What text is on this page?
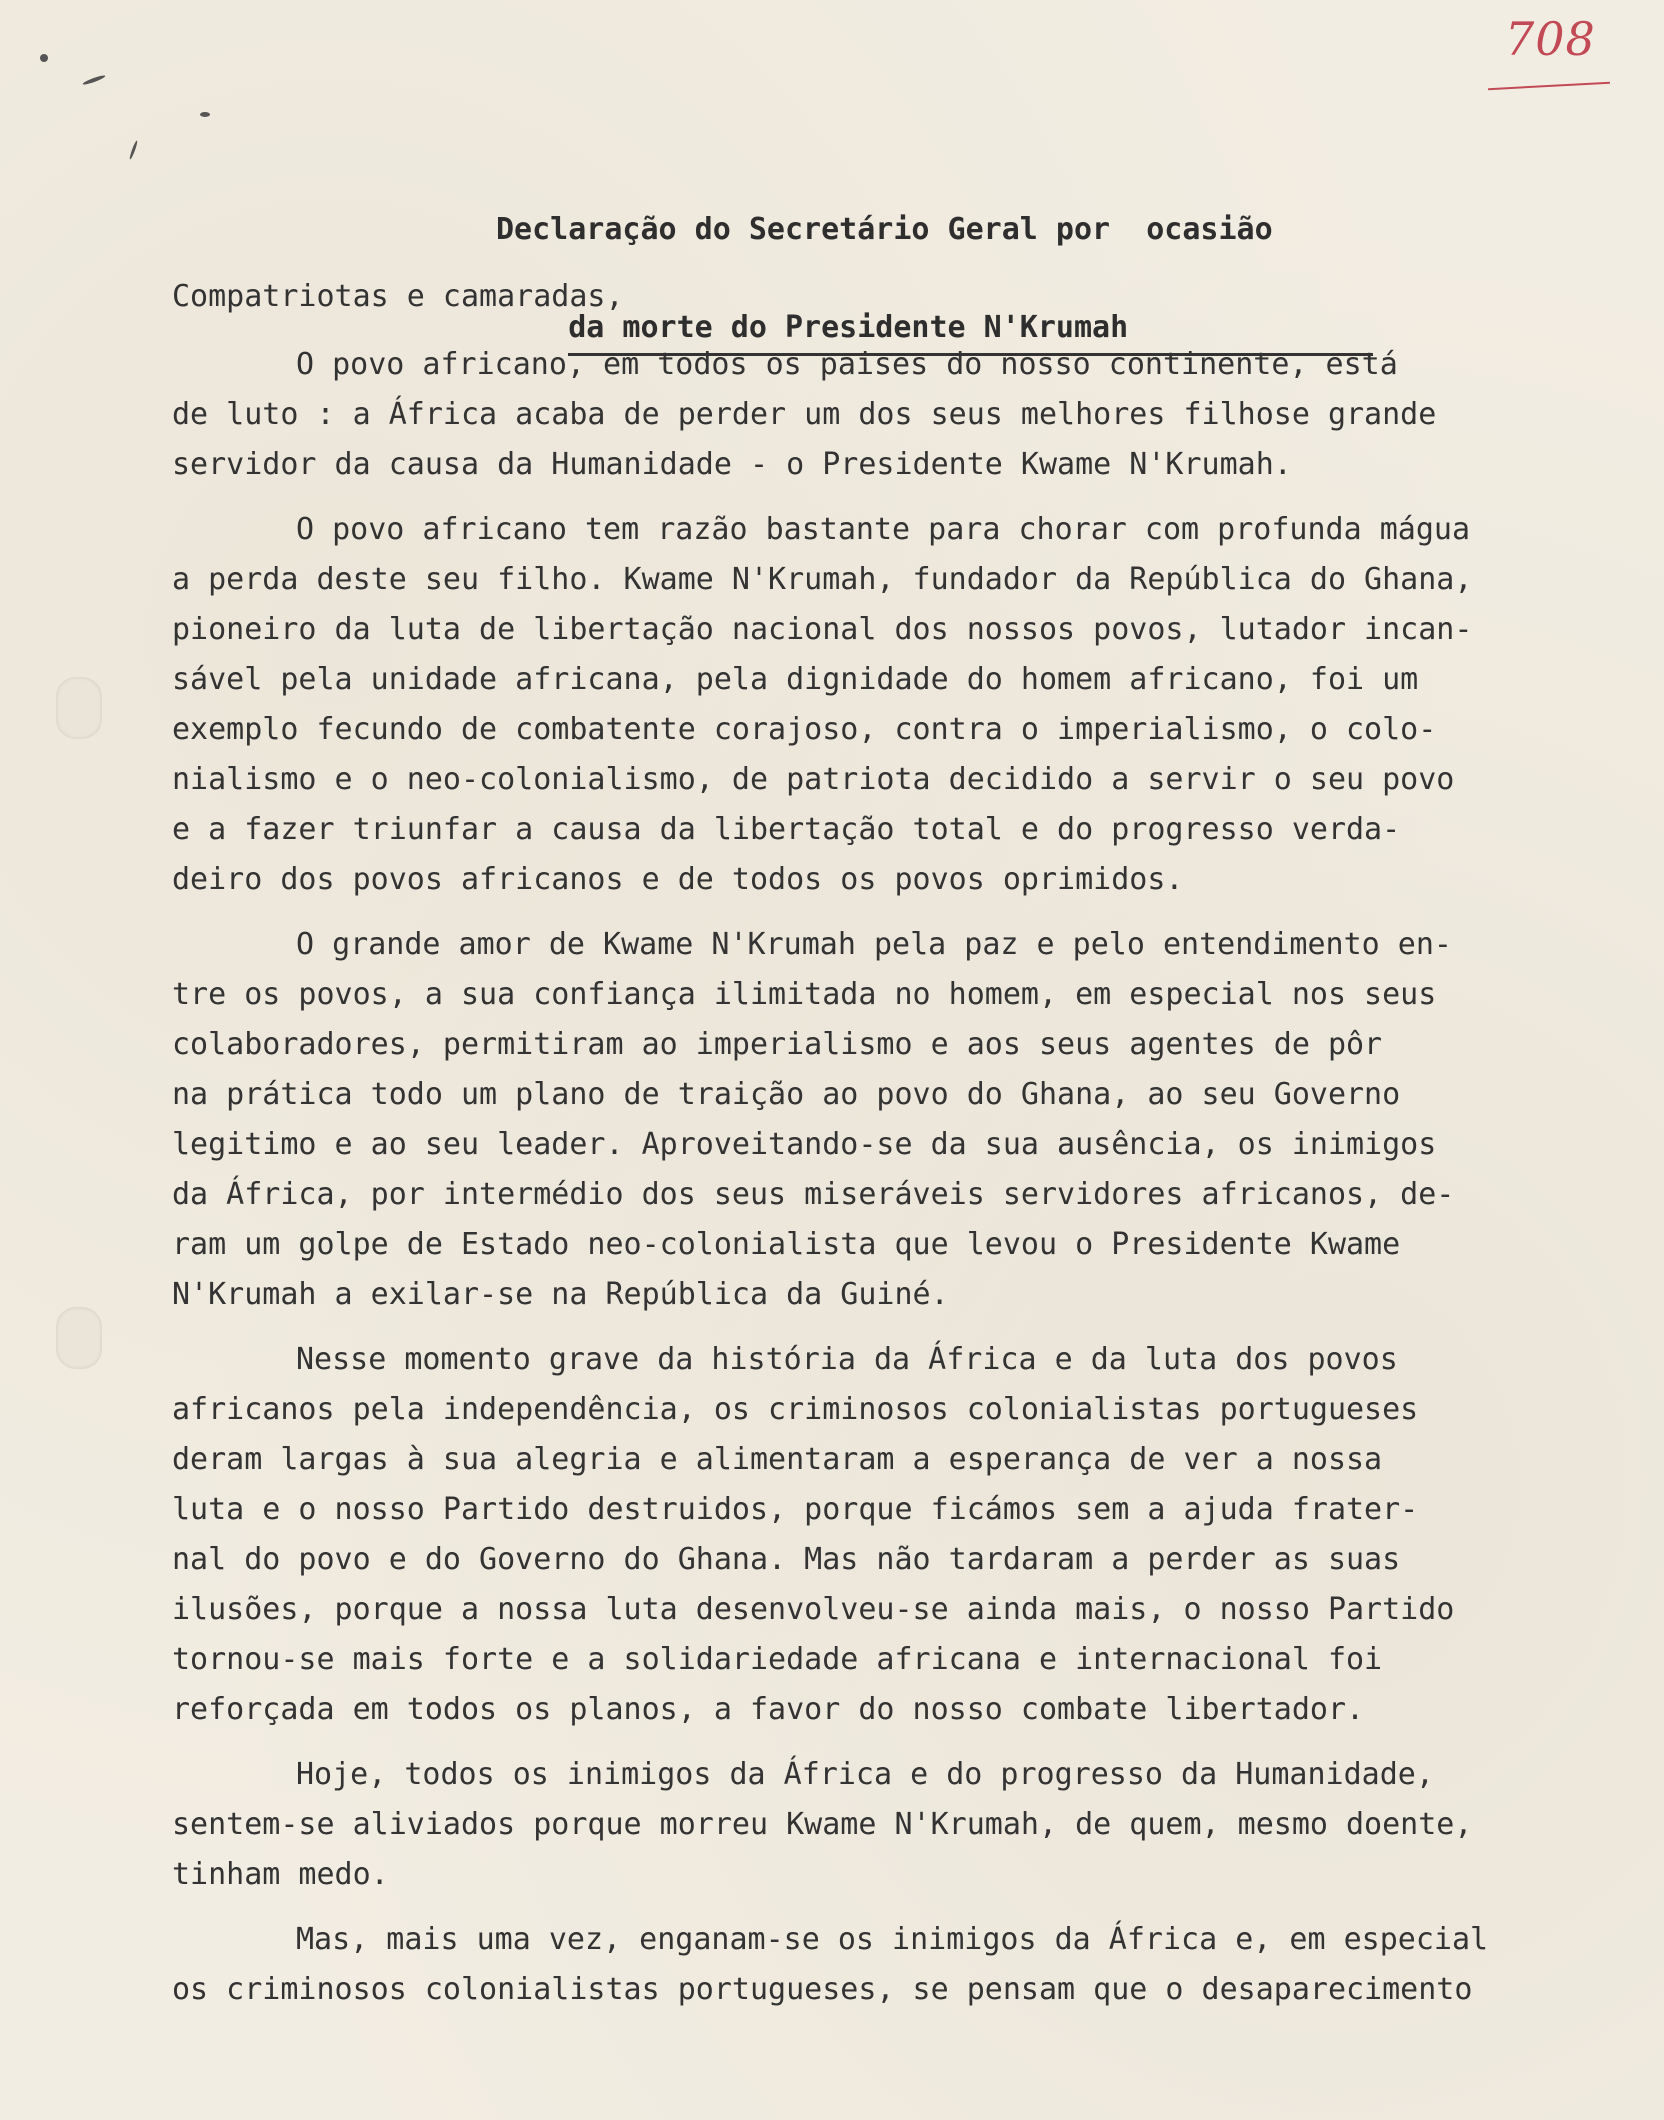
708

Declaração do Secretário Geral por  ocasião

da morte do Presidente N'Krumah

Compatriotas e camaradas,
O povo africano, em todos os paises do nosso continente, está
de luto : a África acaba de perder um dos seus melhores filhose grande
servidor da causa da Humanidade - o Presidente Kwame N'Krumah.
O povo africano tem razão bastante para chorar com profunda mágua
a perda deste seu filho. Kwame N'Krumah, fundador da República do Ghana,
pioneiro da luta de libertação nacional dos nossos povos, lutador incan-
sável pela unidade africana, pela dignidade do homem africano, foi um
exemplo fecundo de combatente corajoso, contra o imperialismo, o colo-
nialismo e o neo-colonialismo, de patriota decidido a servir o seu povo
e a fazer triunfar a causa da libertação total e do progresso verda-
deiro dos povos africanos e de todos os povos oprimidos.
O grande amor de Kwame N'Krumah pela paz e pelo entendimento en-
tre os povos, a sua confiança ilimitada no homem, em especial nos seus
colaboradores, permitiram ao imperialismo e aos seus agentes de pôr
na prática todo um plano de traição ao povo do Ghana, ao seu Governo
legitimo e ao seu leader. Aproveitando-se da sua ausência, os inimigos
da África, por intermédio dos seus miseráveis servidores africanos, de-
ram um golpe de Estado neo-colonialista que levou o Presidente Kwame
N'Krumah a exilar-se na República da Guiné.
Nesse momento grave da história da África e da luta dos povos
africanos pela independência, os criminosos colonialistas portugueses
deram largas à sua alegria e alimentaram a esperança de ver a nossa
luta e o nosso Partido destruidos, porque ficámos sem a ajuda frater-
nal do povo e do Governo do Ghana. Mas não tardaram a perder as suas
ilusões, porque a nossa luta desenvolveu-se ainda mais, o nosso Partido
tornou-se mais forte e a solidariedade africana e internacional foi
reforçada em todos os planos, a favor do nosso combate libertador.
Hoje, todos os inimigos da África e do progresso da Humanidade,
sentem-se aliviados porque morreu Kwame N'Krumah, de quem, mesmo doente,
tinham medo.
Mas, mais uma vez, enganam-se os inimigos da África e, em especial
os criminosos colonialistas portugueses, se pensam que o desaparecimento
